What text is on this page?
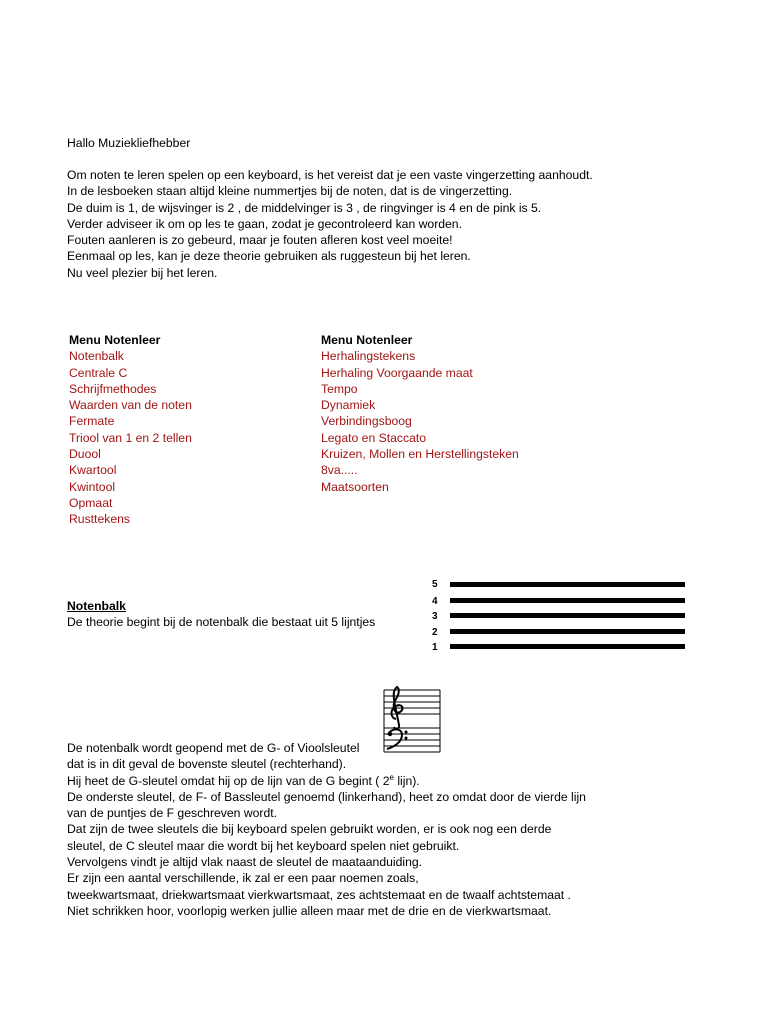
Hallo Muziekliefhebber
Om noten te leren spelen op een keyboard, is het vereist dat je een vaste vingerzetting aanhoudt.
In de lesboeken staan altijd kleine nummertjes bij de noten, dat is de vingerzetting.
De duim is 1, de wijsvinger is 2 , de middelvinger is 3 , de ringvinger is 4 en de pink is 5.
Verder adviseer ik om op les te gaan, zodat je gecontroleerd kan worden.
Fouten aanleren is zo gebeurd, maar je fouten afleren kost veel moeite!
Eenmaal op les, kan je deze theorie gebruiken als ruggesteun bij het leren.
Nu veel plezier bij het leren.
Menu Notenleer
Notenbalk
Centrale C
Schrijfmethodes
Waarden van de noten
Fermate
Triool van 1 en 2 tellen
Duool
Kwartool
Kwintool
Opmaat
Rusttekens
Menu Notenleer
Herhalingstekens
Herhaling Voorgaande maat
Tempo
Dynamiek
Verbindingsboog
Legato en Staccato
Kruizen, Mollen en Herstellingsteken
8va.....
Maatsoorten
Notenbalk
De theorie begint bij de notenbalk die bestaat uit 5 lijntjes
5
4
3
2
1
De notenbalk wordt geopend met de G- of Vioolsleutel
dat is in dit geval de bovenste sleutel (rechterhand).
Hij heet de G-sleutel omdat hij op de lijn van de G begint ( 2e lijn).
De onderste sleutel, de F- of Bassleutel genoemd (linkerhand), heet zo omdat door de vierde lijn
van de puntjes de F geschreven wordt.
Dat zijn de twee sleutels die bij keyboard spelen gebruikt worden, er is ook nog een derde
sleutel, de C sleutel maar die wordt bij het keyboard spelen niet gebruikt.
Vervolgens vindt je altijd vlak naast de sleutel de maataanduiding.
Er zijn een aantal verschillende, ik zal er een paar noemen zoals,
tweekwartsmaat, driekwartsmaat vierkwartsmaat, zes achtstemaat en de twaalf achtstemaat .
Niet schrikken hoor, voorlopig werken jullie alleen maar met de drie en de vierkwartsmaat.
